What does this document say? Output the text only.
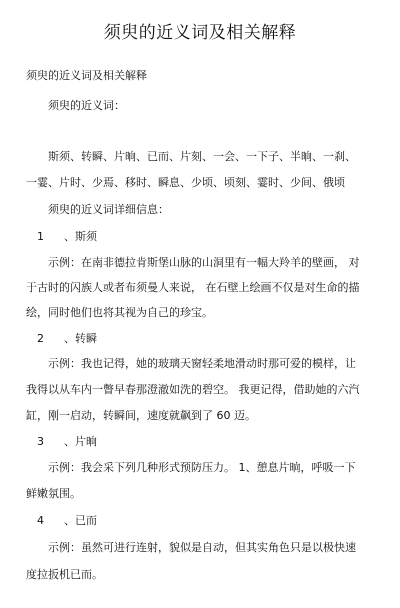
须臾的近义词及相关解释
须臾的近义词及相关解释
须臾的近义词：
斯须、转瞬、片晌、已而、片刻、一会、一下子、半晌、一刹、
一霎、片时、少焉、移时、瞬息、少顷、顷刻、霎时、少间、俄顷
须臾的近义词详细信息：
1 、斯须
示例：在南非德拉肯斯堡山脉的山洞里有一幅大羚羊的壁画， 对
于古时的闪族人或者布须曼人来说， 在石壁上绘画不仅是对生命的描
绘，同时他们也将其视为自己的珍宝。
2 、转瞬
示例：我也记得，她的玻璃天窗轻柔地滑动时那可爱的模样，让
我得以从车内一瞥早春那澄澈如洗的碧空。 我更记得，借助她的六汽
缸，刚一启动，转瞬间，速度就飙到了 60 迈。
3 、片晌
示例：我会采下列几种形式预防压力。 1、憩息片晌，呼吸一下
鲜嫩氛围。
4 、已而
示例：虽然可进行连射，貌似是自动，但其实角色只是以极快速
度拉扳机已而。
